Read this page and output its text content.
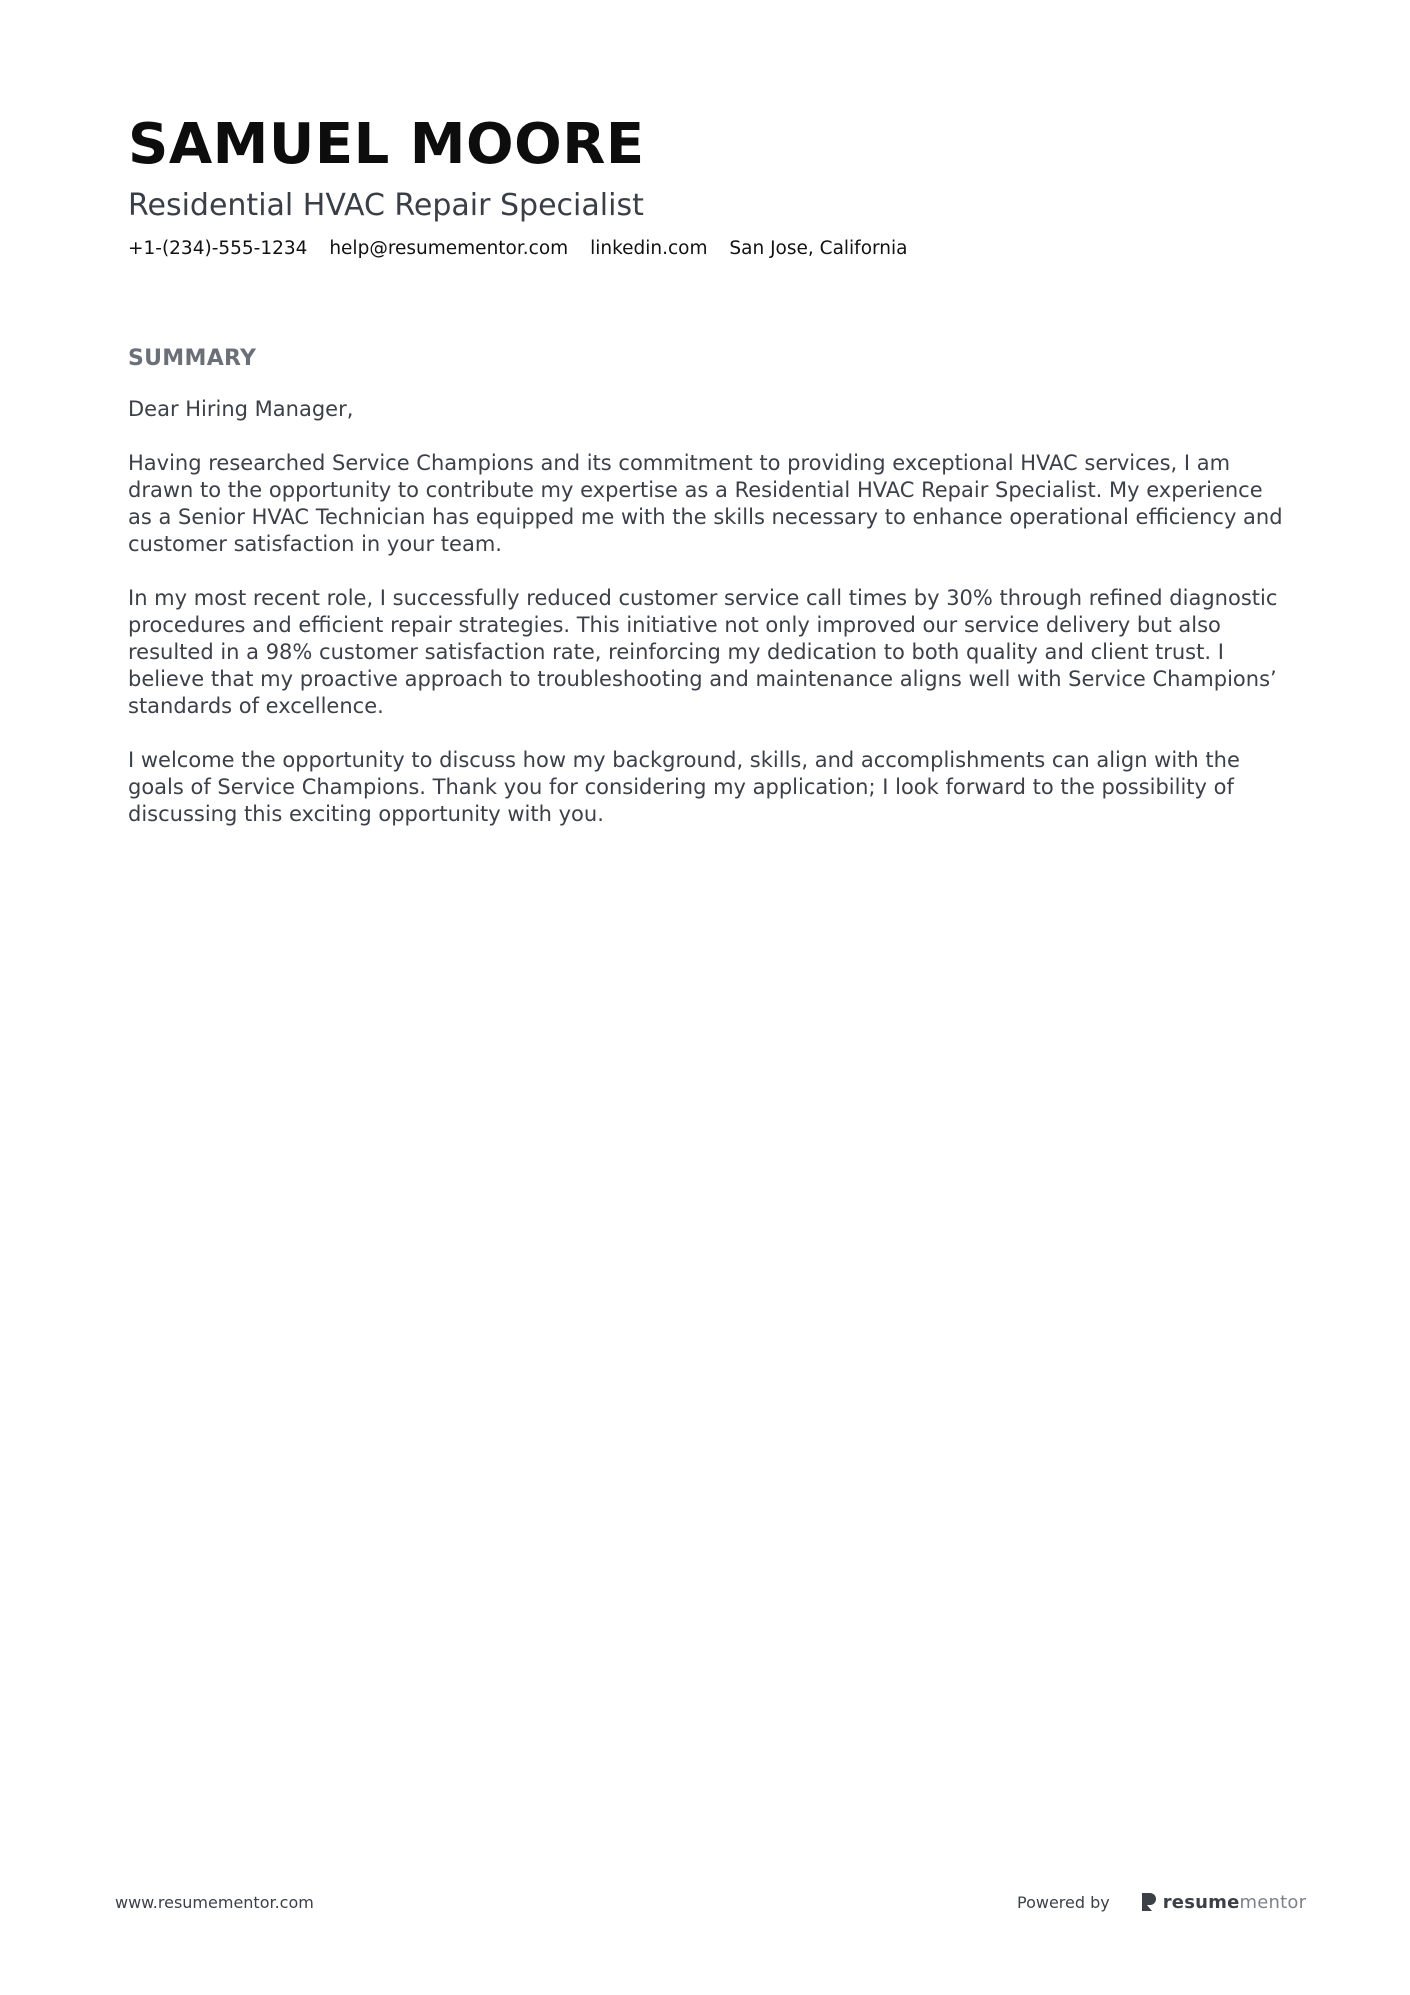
SAMUEL MOORE
Residential HVAC Repair Specialist
+1-(234)-555-1234 help@resumementor.com linkedin.com San Jose, California
SUMMARY

Dear Hiring Manager,

Having researched Service Champions and its commitment to providing exceptional HVAC services, I am drawn to the opportunity to contribute my expertise as a Residential HVAC Repair Specialist. My experience as a Senior HVAC Technician has equipped me with the skills necessary to enhance operational efficiency and customer satisfaction in your team.

In my most recent role, I successfully reduced customer service call times by 30% through refined diagnostic procedures and efficient repair strategies. This initiative not only improved our service delivery but also resulted in a 98% customer satisfaction rate, reinforcing my dedication to both quality and client trust. I believe that my proactive approach to troubleshooting and maintenance aligns well with Service Champions’ standards of excellence.

I welcome the opportunity to discuss how my background, skills, and accomplishments can align with the goals of Service Champions. Thank you for considering my application; I look forward to the possibility of discussing this exciting opportunity with you.

www.resumementor.com	Powered by	resumementor
